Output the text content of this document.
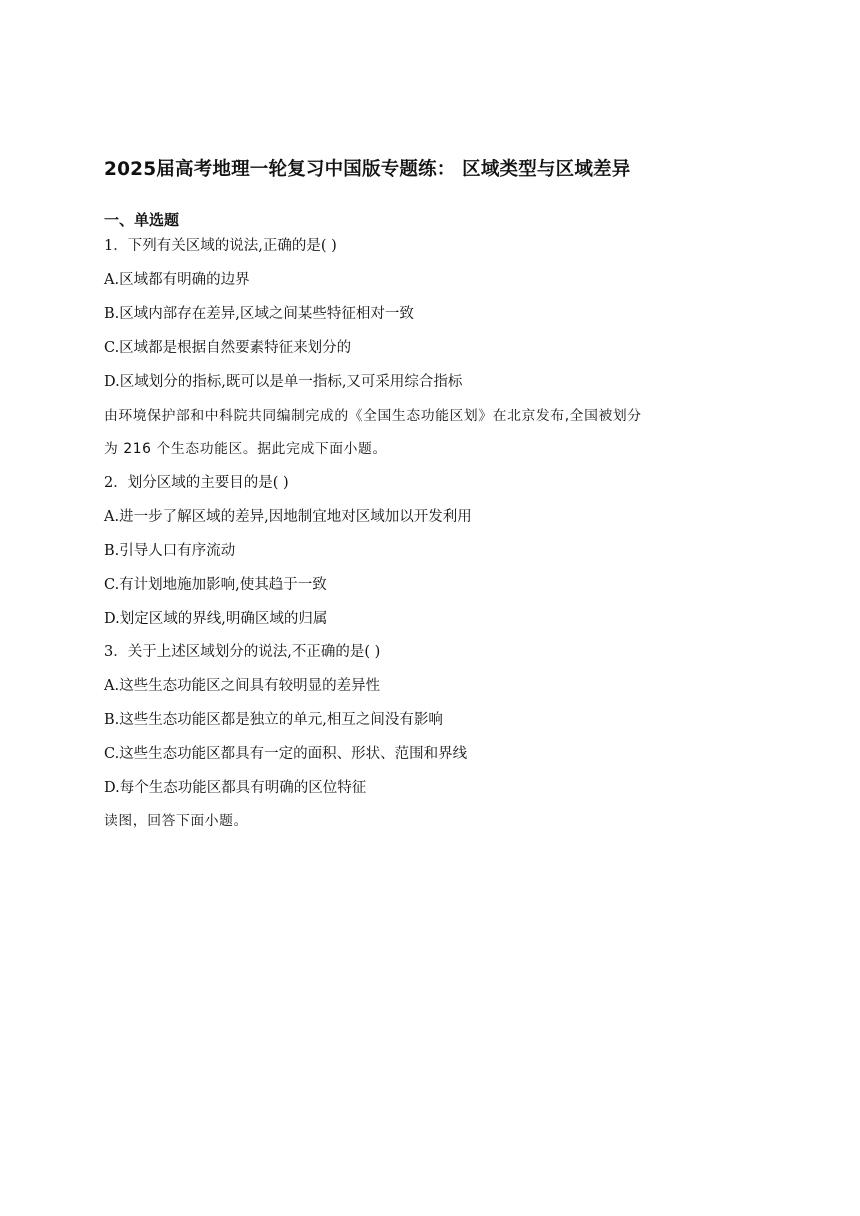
2025届高考地理一轮复习中国版专题练： 区域类型与区域差异
一、单选题
1．下列有关区域的说法,正确的是( )
A.区域都有明确的边界
B.区域内部存在差异,区域之间某些特征相对一致
C.区域都是根据自然要素特征来划分的
D.区域划分的指标,既可以是单一指标,又可采用综合指标
由环境保护部和中科院共同编制完成的《全国生态功能区划》在北京发布,全国被划分
为 216 个生态功能区。据此完成下面小题。
2．划分区域的主要目的是( )
A.进一步了解区域的差异,因地制宜地对区域加以开发利用
B.引导人口有序流动
C.有计划地施加影响,使其趋于一致
D.划定区域的界线,明确区域的归属
3．关于上述区域划分的说法,不正确的是( )
A.这些生态功能区之间具有较明显的差异性
B.这些生态功能区都是独立的单元,相互之间没有影响
C.这些生态功能区都具有一定的面积、形状、范围和界线
D.每个生态功能区都具有明确的区位特征
读图，回答下面小题。
